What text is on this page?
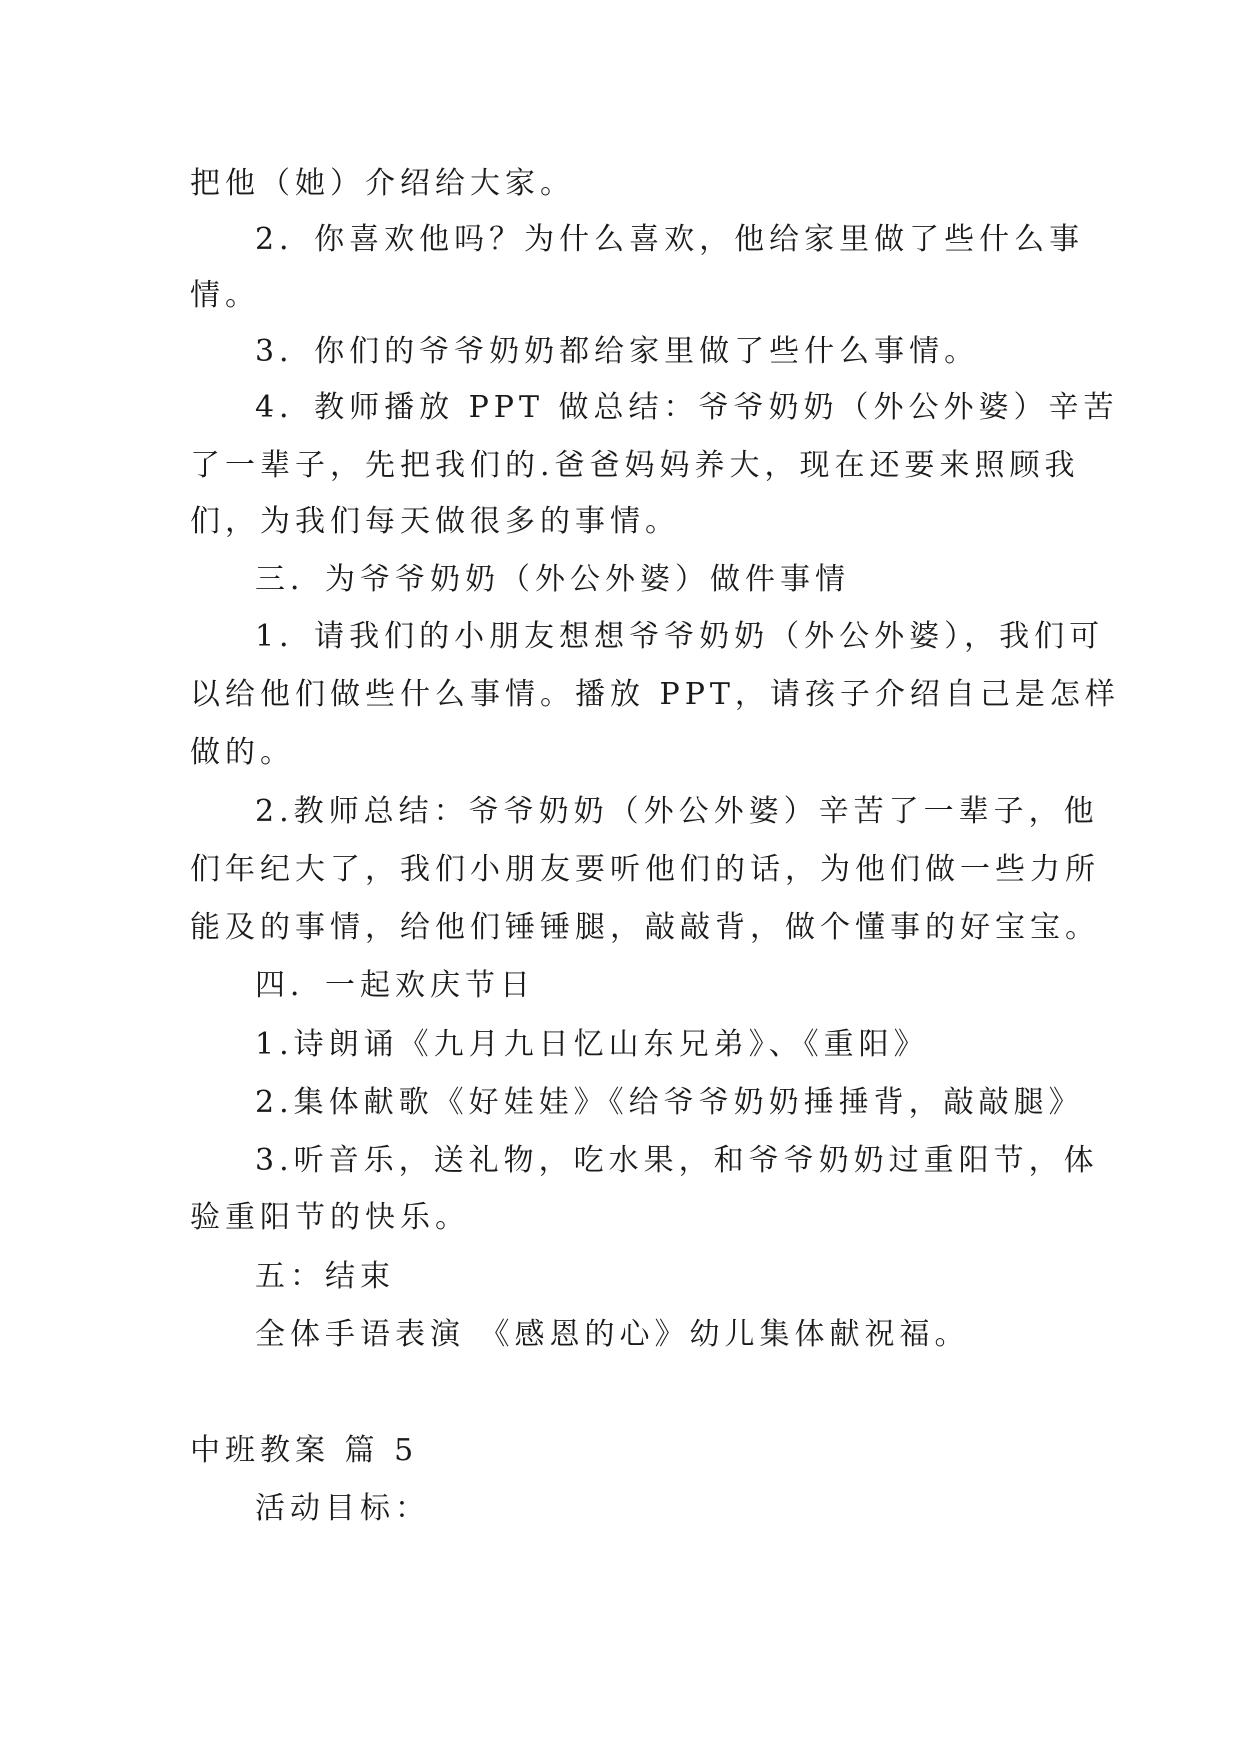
把他（她）介绍给大家。
2．你喜欢他吗？为什么喜欢，他给家里做了些什么事
情。
3．你们的爷爷奶奶都给家里做了些什么事情。
4．教师播放 PPT 做总结：爷爷奶奶（外公外婆）辛苦
了一辈子，先把我们的.爸爸妈妈养大，现在还要来照顾我
们，为我们每天做很多的事情。
三．为爷爷奶奶（外公外婆）做件事情
1．请我们的小朋友想想爷爷奶奶（外公外婆），我们可
以给他们做些什么事情。播放 PPT，请孩子介绍自己是怎样
做的。
2.教师总结：爷爷奶奶（外公外婆）辛苦了一辈子，他
们年纪大了，我们小朋友要听他们的话，为他们做一些力所
能及的事情，给他们锤锤腿，敲敲背，做个懂事的好宝宝。
四．一起欢庆节日
1.诗朗诵《九月九日忆山东兄弟》、《重阳》
2.集体献歌《好娃娃》《给爷爷奶奶捶捶背，敲敲腿》
3.听音乐，送礼物，吃水果，和爷爷奶奶过重阳节，体
验重阳节的快乐。
五：结束
全体手语表演 《感恩的心》幼儿集体献祝福。
中班教案 篇 5
活动目标：
